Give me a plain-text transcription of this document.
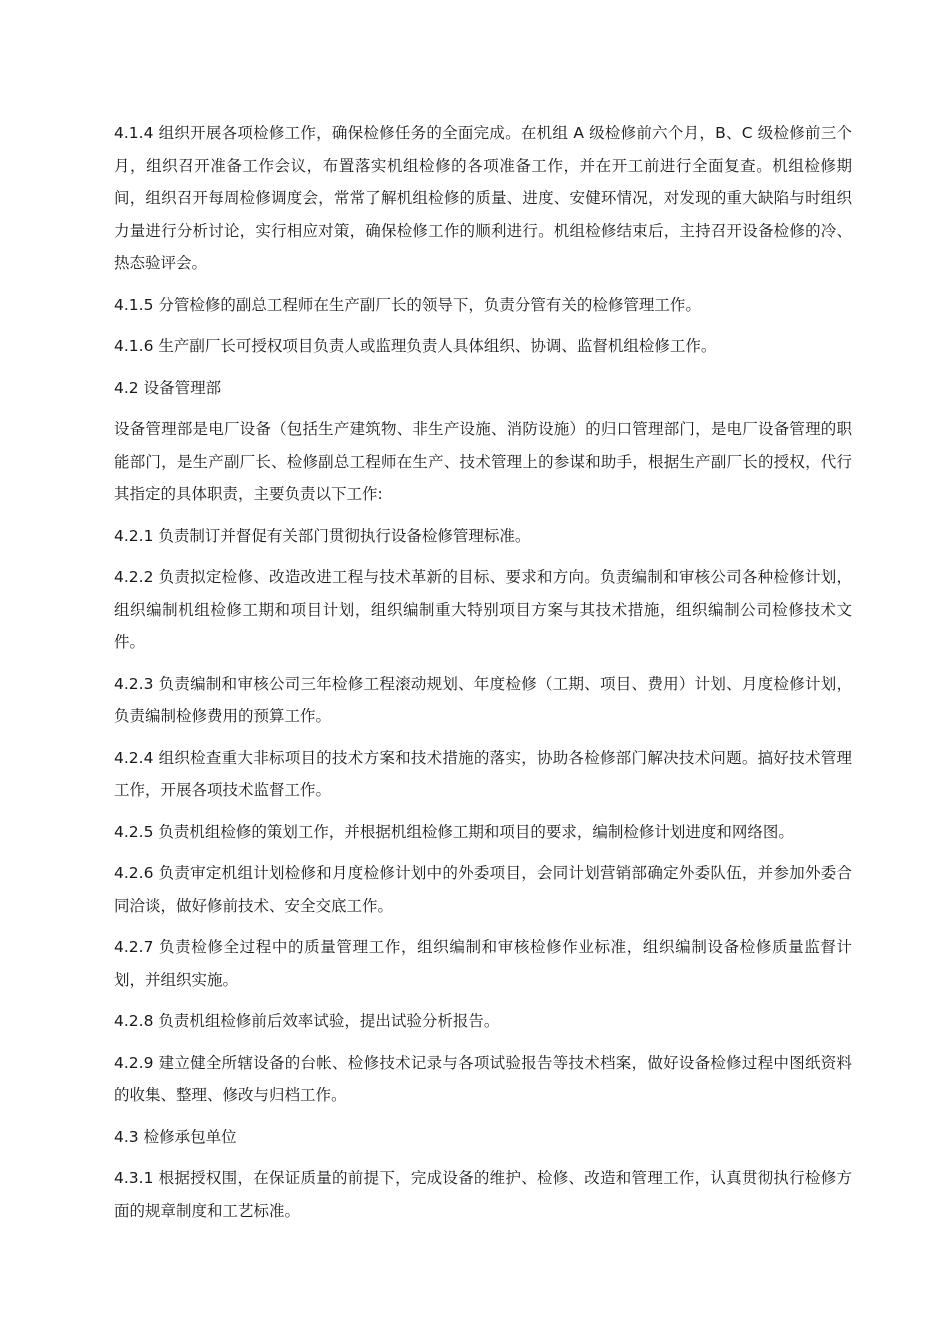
4.1.4 组织开展各项检修工作，确保检修任务的全面完成。在机组 A 级检修前六个月，B、C 级检修前三个月，组织召开准备工作会议，布置落实机组检修的各项准备工作，并在开工前进行全面复查。机组检修期间，组织召开每周检修调度会，常常了解机组检修的质量、进度、安健环情况，对发现的重大缺陷与时组织力量进行分析讨论，实行相应对策，确保检修工作的顺利进行。机组检修结束后，主持召开设备检修的冷、热态验评会。

4.1.5 分管检修的副总工程师在生产副厂长的领导下，负责分管有关的检修管理工作。

4.1.6 生产副厂长可授权项目负责人或监理负责人具体组织、协调、监督机组检修工作。

4.2 设备管理部

设备管理部是电厂设备（包括生产建筑物、非生产设施、消防设施）的归口管理部门，是电厂设备管理的职能部门，是生产副厂长、检修副总工程师在生产、技术管理上的参谋和助手，根据生产副厂长的授权，代行其指定的具体职责，主要负责以下工作:

4.2.1 负责制订并督促有关部门贯彻执行设备检修管理标准。

4.2.2 负责拟定检修、改造改进工程与技术革新的目标、要求和方向。负责编制和审核公司各种检修计划，组织编制机组检修工期和项目计划，组织编制重大特别项目方案与其技术措施，组织编制公司检修技术文件。

4.2.3 负责编制和审核公司三年检修工程滚动规划、年度检修（工期、项目、费用）计划、月度检修计划，负责编制检修费用的预算工作。

4.2.4 组织检查重大非标项目的技术方案和技术措施的落实，协助各检修部门解决技术问题。搞好技术管理工作，开展各项技术监督工作。

4.2.5 负责机组检修的策划工作，并根据机组检修工期和项目的要求，编制检修计划进度和网络图。

4.2.6 负责审定机组计划检修和月度检修计划中的外委项目，会同计划营销部确定外委队伍，并参加外委合同洽谈，做好修前技术、安全交底工作。

4.2.7 负责检修全过程中的质量管理工作，组织编制和审核检修作业标准，组织编制设备检修质量监督计划，并组织实施。

4.2.8 负责机组检修前后效率试验，提出试验分析报告。

4.2.9 建立健全所辖设备的台帐、检修技术记录与各项试验报告等技术档案，做好设备检修过程中图纸资料的收集、整理、修改与归档工作。

4.3 检修承包单位

4.3.1 根据授权围，在保证质量的前提下，完成设备的维护、检修、改造和管理工作，认真贯彻执行检修方面的规章制度和工艺标准。
